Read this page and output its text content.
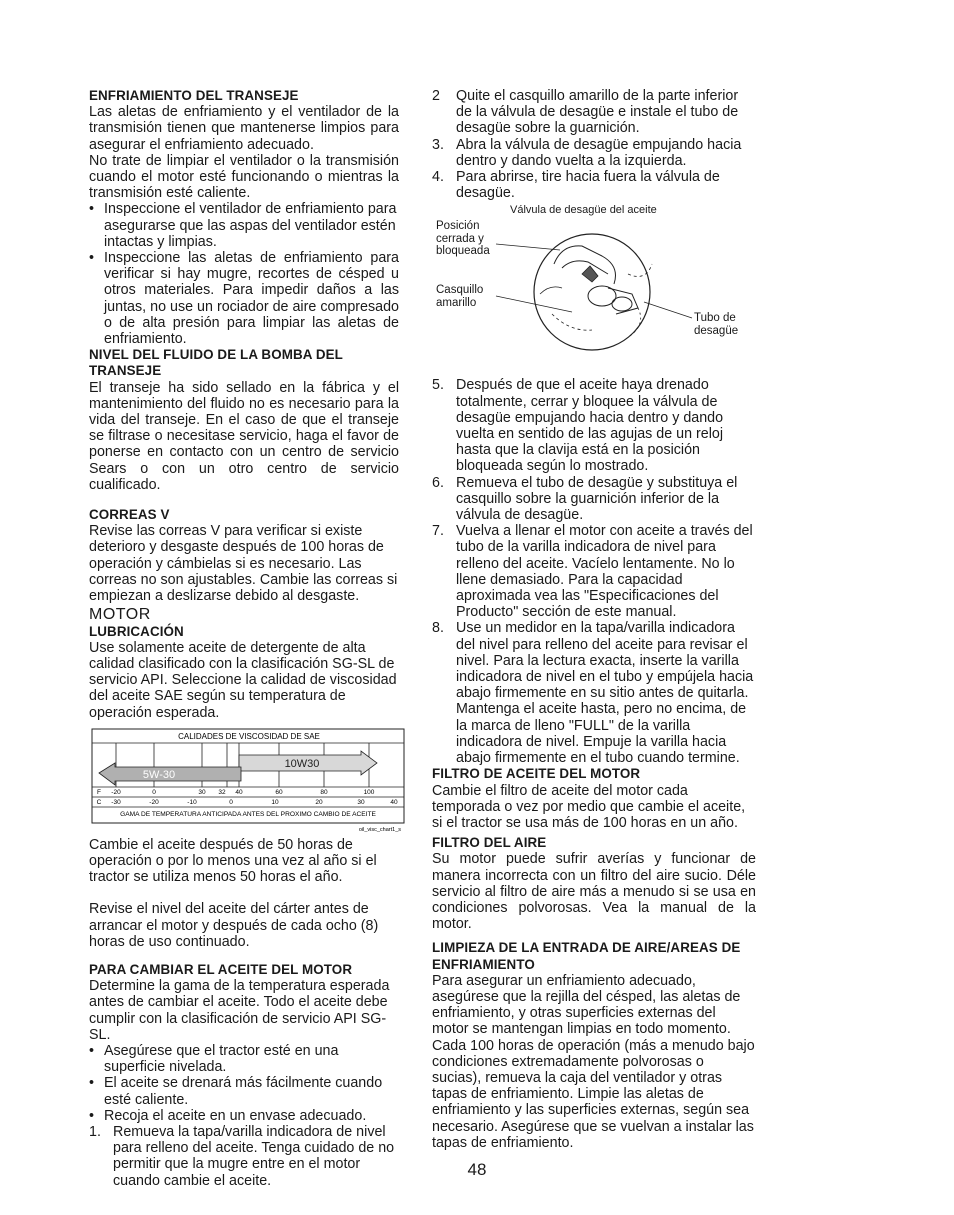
ENFRIAMIENTO DEL TRANSEJE

Las aletas de enfriamiento y el ventilador de la transmisión tienen que mantenerse limpios para asegurar el enfriamiento adecuado.

No trate de limpiar el ventilador o la transmisión cuando el motor esté funcionando o mientras la transmisión esté caliente.

• Inspeccione el ventilador de enfriamiento para asegurarse que las aspas del ventilador estén intactas y limpias.
• Inspeccione las aletas de enfriamiento para verificar si hay mugre, recortes de césped u otros materiales. Para impedir daños a las juntas, no use un rociador de aire compresado o de alta presión para limpiar las aletas de enfriamiento.

NIVEL DEL FLUIDO DE LA BOMBA DEL TRANSEJE

El transeje ha sido sellado en la fábrica y el mantenimiento del fluido no es necesario para la vida del transeje. En el caso de que el transeje se filtrase o necesitase servicio, haga el favor de ponerse en contacto con un centro de servicio Sears o con un otro centro de servicio cualificado.

CORREAS V

Revise las correas V para verificar si existe deterioro y desgaste después de 100 horas de operación y cámbielas si es necesario. Las correas no son ajustables. Cambie las correas si empiezan a deslizarse debido al desgaste.

MOTOR

LUBRICACIÓN

Use solamente aceite de detergente de alta calidad clasificado con la clasificación SG-SL de servicio API. Seleccione la calidad de viscosidad del aceite SAE según su temperatura de operación esperada.

CALIDADES DE VISCOSIDAD DE SAE
10W30
5W-30
F -20	0	30 32 40	60	80	100
C -30	-20	-10	0	10	20	30	40
GAMA DE TEMPERATURA ANTICIPADA ANTES DEL PROXIMO CAMBIO DE ACEITE
oil_visc_chart1_s

Cambie el aceite después de 50 horas de operación o por lo menos una vez al año si el tractor se utiliza menos 50 horas el año.

Revise el nivel del aceite del cárter antes de arrancar el motor y después de cada ocho (8) horas de uso continuado.

PARA CAMBIAR EL ACEITE DEL MOTOR

Determine la gama de la temperatura esperada antes de cambiar el aceite. Todo el aceite debe cumplir con la clasificación de servicio API SG-SL.

• Asegúrese que el tractor esté en una superficie nivelada.
• El aceite se drenará más fácilmente cuando esté caliente.
• Recoja el aceite en un envase adecuado.
1. Remueva la tapa/varilla indicadora de nivel para relleno del aceite. Tenga cuidado de no permitir que la mugre entre en el motor cuando cambie el aceite.
2 Quite el casquillo amarillo de la parte inferior de la válvula de desagüe e instale el tubo de desagüe sobre la guarnición.
3. Abra la válvula de desagüe empujando hacia dentro y dando vuelta a la izquierda.
4. Para abrirse, tire hacia fuera la válvula de desagüe.
Válvula de desagüe del aceite
Posición cerrada y bloqueada
Casquillo amarillo
Tubo de desagüe
5. Después de que el aceite haya drenado totalmente, cerrar y bloquee la válvula de desagüe empujando hacia dentro y dando vuelta en sentido de las agujas de un reloj hasta que la clavija está en la posición bloqueada según lo mostrado.
6. Remueva el tubo de desagüe y substituya el casquillo sobre la guarnición inferior de la válvula de desagüe.
7. Vuelva a llenar el motor con aceite a través del tubo de la varilla indicadora de nivel para relleno del aceite. Vacíelo lentamente. No lo llene demasiado. Para la capacidad aproximada vea las "Especificaciones del Producto" sección de este manual.
8. Use un medidor en la tapa/varilla indicadora del nivel para relleno del aceite para revisar el nivel. Para la lectura exacta, inserte la varilla indicadora de nivel en el tubo y empújela hacia abajo firmemente en su sitio antes de quitarla. Mantenga el aceite hasta, pero no encima, de la marca de lleno "FULL" de la varilla indicadora de nivel. Empuje la varilla hacia abajo firmemente en el tubo cuando termine.

FILTRO DE ACEITE DEL MOTOR

Cambie el filtro de aceite del motor cada temporada o vez por medio que cambie el aceite, si el tractor se usa más de 100 horas en un año.

FILTRO DEL AIRE

Su motor puede sufrir averías y funcionar de manera incorrecta con un filtro del aire sucio. Déle servicio al filtro de aire más a menudo si se usa en condiciones polvorosas. Vea la manual de la motor.

LIMPIEZA DE LA ENTRADA DE AIRE/AREAS DE ENFRIAMIENTO

Para asegurar un enfriamiento adecuado, asegúrese que la rejilla del césped, las aletas de enfriamiento, y otras superficies externas del motor se mantengan limpias en todo momento. Cada 100 horas de operación (más a menudo bajo condiciones extremadamente polvorosas o sucias), remueva la caja del ventilador y otras tapas de enfriamiento. Limpie las aletas de enfriamiento y las superficies externas, según sea necesario. Asegúrese que se vuelvan a instalar las tapas de enfriamiento.

48
